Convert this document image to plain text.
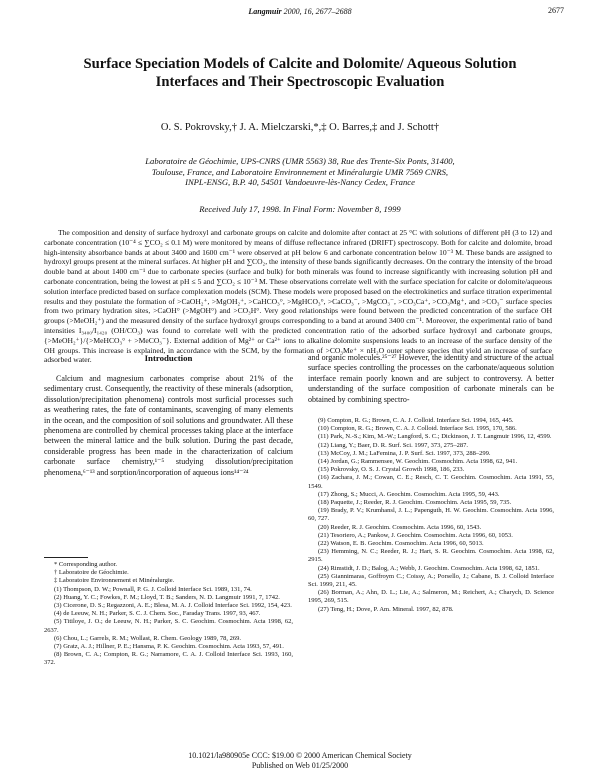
2677
Langmuir 2000, 16, 2677–2688
Surface Speciation Models of Calcite and Dolomite/ Aqueous Solution Interfaces and Their Spectroscopic Evaluation
O. S. Pokrovsky,† J. A. Mielczarski,*,‡ O. Barres,‡ and J. Schott†
Laboratoire de Géochimie, UPS-CNRS (UMR 5563) 38, Rue des Trente-Six Ponts, 31400,
Toulouse, France, and Laboratoire Environnement et Minéralurgie UMR 7569 CNRS,
INPL-ENSG, B.P. 40, 54501 Vandoeuvre-lès-Nancy Cedex, France
Received July 17, 1998. In Final Form: November 8, 1999

The composition and density of surface hydroxyl and carbonate groups on calcite and dolomite after contact at 25 °C with solutions of different pH (3 to 12) and carbonate concentration (10⁻⁴ ≤ ∑CO₂ ≤ 0.1 M) were monitored by means of diffuse reflectance infrared (DRIFT) spectroscopy. Both for calcite and dolomite, broad high-intensity absorbance bands at about 3400 and 1600 cm⁻¹ were observed at pH below 6 and carbonate concentration below 10⁻³ M. These bands are assigned to hydroxyl groups present at the mineral surfaces. At higher pH and ∑CO₂, the intensity of these bands significantly decreases. On the contrary the intensity of the broad double band at about 1400 cm⁻¹ due to carbonate species (surface and bulk) for both minerals was found to increase significantly with increasing solution pH and carbonate concentration, being the lowest at pH ≤ 5 and ∑CO₂ ≤ 10⁻³ M. These observations correlate well with the surface speciation for calcite or dolomite/aqueous solution interface predicted based on surface complexation models (SCM). These models were proposed based on the electrokinetics and surface titration experimental results and they postulate the formation of >CaOH₂⁺, >MgOH₂⁺, >CaHCO₃°, >MgHCO₃°, >CaCO₃⁻, >MgCO₃⁻, >CO₃Ca⁺, >CO₃Mg⁺, and >CO₃⁻ surface species from two primary hydration sites, >CaOH° (>MgOH°) and >CO₃H°. Very good relationships were found between the predicted concentration of the surface OH groups (>MeOH₂⁺) and the measured density of the surface hydroxyl groups corresponding to a band at around 3400 cm⁻¹. Moreover, the experimental ratio of band intensities I₃₄₀₀/I₁₄₂₀ (OH/CO₃) was found to correlate well with the predicted concentration ratio of the adsorbed surface hydroxyl and carbonate groups, {>MeOH₂⁺}/{>MeHCO₃° + >MeCO₃⁻}. External addition of Mg²⁺ or Ca²⁺ ions to alkaline dolomite suspensions leads to an increase of the surface density of the OH groups. This increase is explained, in accordance with the SCM, by the formation of >CO₃Me⁺ × nH₂O outer sphere species that yield an increase of surface adsorbed water.	Introduction

Calcium and magnesium carbonates comprise about 21% of the sedimentary crust. Consequently, the reactivity of these minerals (adsorption, dissolution/precipitation phenomena) controls most surficial processes such as weathering rates, the fate of contaminants, scavenging of many elements in the ocean, and the composition of soil solutions and groundwater. All these phenomena are controlled by chemical processes taking place at the interface between the mineral lattice and the bulk solution. During the past decade, considerable progress has been made in the characterization of calcium carbonate surface chemistry,¹⁻⁵ studying dissolution/precipitation phenomena,⁶⁻¹³ and sorption/incorporation of aqueous ions¹⁴⁻²⁴

and organic molecules.²⁵⁻²⁷ However, the identity and structure of the actual surface species controlling the processes on the carbonate/aqueous solution interface remain poorly known and are subject to controversy. A better understanding of the surface composition of carbonate minerals can be obtained by combining spectro-

* Corresponding author.

† Laboratoire de Géochimie.

‡ Laboratoire Environnement et Minéralurgie.

(1) Thompson, D. W.; Pownall, P. G. J. Colloid Interface Sci. 1989, 131, 74.

(2) Huang, Y. C.; Fowkes, F. M.; Lloyd, T. B.; Sanders, N. D. Langmuir 1991, 7, 1742.

(3) Cicerone, D. S.; Regazzoni, A. E.; Blesa, M. A. J. Colloid Interface Sci. 1992, 154, 423.

(4) de Leeuw, N. H.; Parker, S. C. J. Chem. Soc., Faraday Trans. 1997, 93, 467.

(5) Titiloye, J. O.; de Leeuw, N. H.; Parker, S. C. Geochim. Cosmochim. Acta 1998, 62, 2637.

(6) Chou, L.; Garrels, R. M.; Wollast, R. Chem. Geology 1989, 78, 269.

(7) Gratz, A. J.; Hillner, P. E.; Hansma, P. K. Geochim. Cosmochim. Acta 1993, 57, 491.

(8) Brown, C. A.; Compton, R. G.; Narramore, C. A. J. Colloid Interface Sci. 1993, 160, 372.

(9) Compton, R. G.; Brown, C. A. J. Colloid. Interface Sci. 1994, 165, 445.

(10) Compton, R. G.; Brown, C. A. J. Colloid. Interface Sci. 1995, 170, 586.

(11) Park, N.-S.; Kim, M.-W.; Langford, S. C.; Dickinson, J. T. Langmuir 1996, 12, 4599.

(12) Liang, Y.; Baer, D. R. Surf. Sci. 1997, 373, 275–287.

(13) McCoy, J. M.; LaFemina, J. P. Surf. Sci. 1997, 373, 288–299.

(14) Jordan, G.; Rammensee, W. Geochim. Cosmochim. Acta 1998, 62, 941.

(15) Pokrovsky, O. S. J. Crystal Growth 1998, 186, 233.

(16) Zachara, J. M.; Cowan, C. E.; Resch, C. T. Geochim. Cosmochim. Acta 1991, 55, 1549.

(17) Zhong, S.; Mucci, A. Geochim. Cosmochim. Acta 1995, 59, 443.

(18) Paquette, J.; Reeder, R. J. Geochim. Cosmochim. Acta 1995, 59, 735.

(19) Brady, P. V.; Krumhansl, J. L.; Papenguth, H. W. Geochim. Cosmochim. Acta 1996, 60, 727.

(20) Reeder, R. J. Geochim. Cosmochim. Acta 1996, 60, 1543.

(21) Tesoriero, A.; Pankow, J. Geochim. Cosmochim. Acta 1996, 60, 1053.

(22) Watson, E. B. Geochim. Cosmochim. Acta 1996, 60, 5013.

(23) Hemming, N. C.; Reeder, R. J.; Hart, S. R. Geochim. Cosmochim. Acta 1998, 62, 2915.

(24) Rimstidt, J. D.; Balog, A.; Webb, J. Geochim. Cosmochim. Acta 1998, 62, 1851.

(25) Giannimaras, Goffroym C.; Coissy, A.; Porsello, J.; Cabane, B. J. Colloid Interface Sci. 1999, 211, 45.

(26) Borman, A.; Ahn, D. L.; Lie, A.; Salmeron, M.; Reichert, A.; Charych, D. Science 1995, 269, 515.

(27) Teng, H.; Dove, P. Am. Mineral. 1997, 82, 878.

10.1021/la980905e CCC: $19.00 © 2000 American Chemical Society
Published on Web 01/25/2000
